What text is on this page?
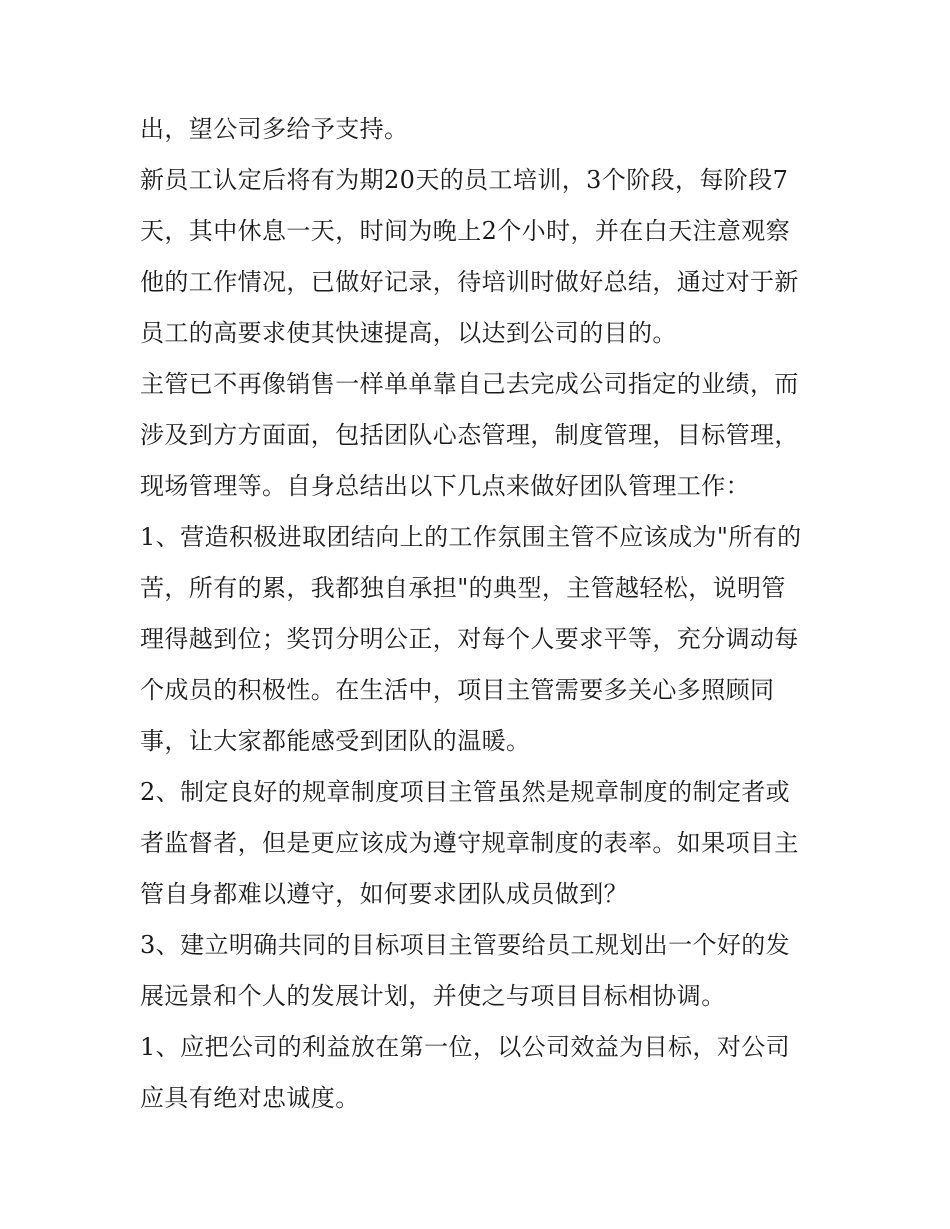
出，望公司多给予支持。
新员工认定后将有为期20天的员工培训，3个阶段，每阶段7
天，其中休息一天，时间为晚上2个小时，并在白天注意观察
他的工作情况，已做好记录，待培训时做好总结，通过对于新
员工的高要求使其快速提高，以达到公司的目的。
主管已不再像销售一样单单靠自己去完成公司指定的业绩，而
涉及到方方面面，包括团队心态管理，制度管理，目标管理，
现场管理等。自身总结出以下几点来做好团队管理工作：
1、营造积极进取团结向上的工作氛围主管不应该成为"所有的
苦，所有的累，我都独自承担"的典型，主管越轻松，说明管
理得越到位；奖罚分明公正，对每个人要求平等，充分调动每
个成员的积极性。在生活中，项目主管需要多关心多照顾同
事，让大家都能感受到团队的温暖。
2、制定良好的规章制度项目主管虽然是规章制度的制定者或
者监督者，但是更应该成为遵守规章制度的表率。如果项目主
管自身都难以遵守，如何要求团队成员做到？
3、建立明确共同的目标项目主管要给员工规划出一个好的发
展远景和个人的发展计划，并使之与项目目标相协调。
1、应把公司的利益放在第一位，以公司效益为目标，对公司
应具有绝对忠诚度。
